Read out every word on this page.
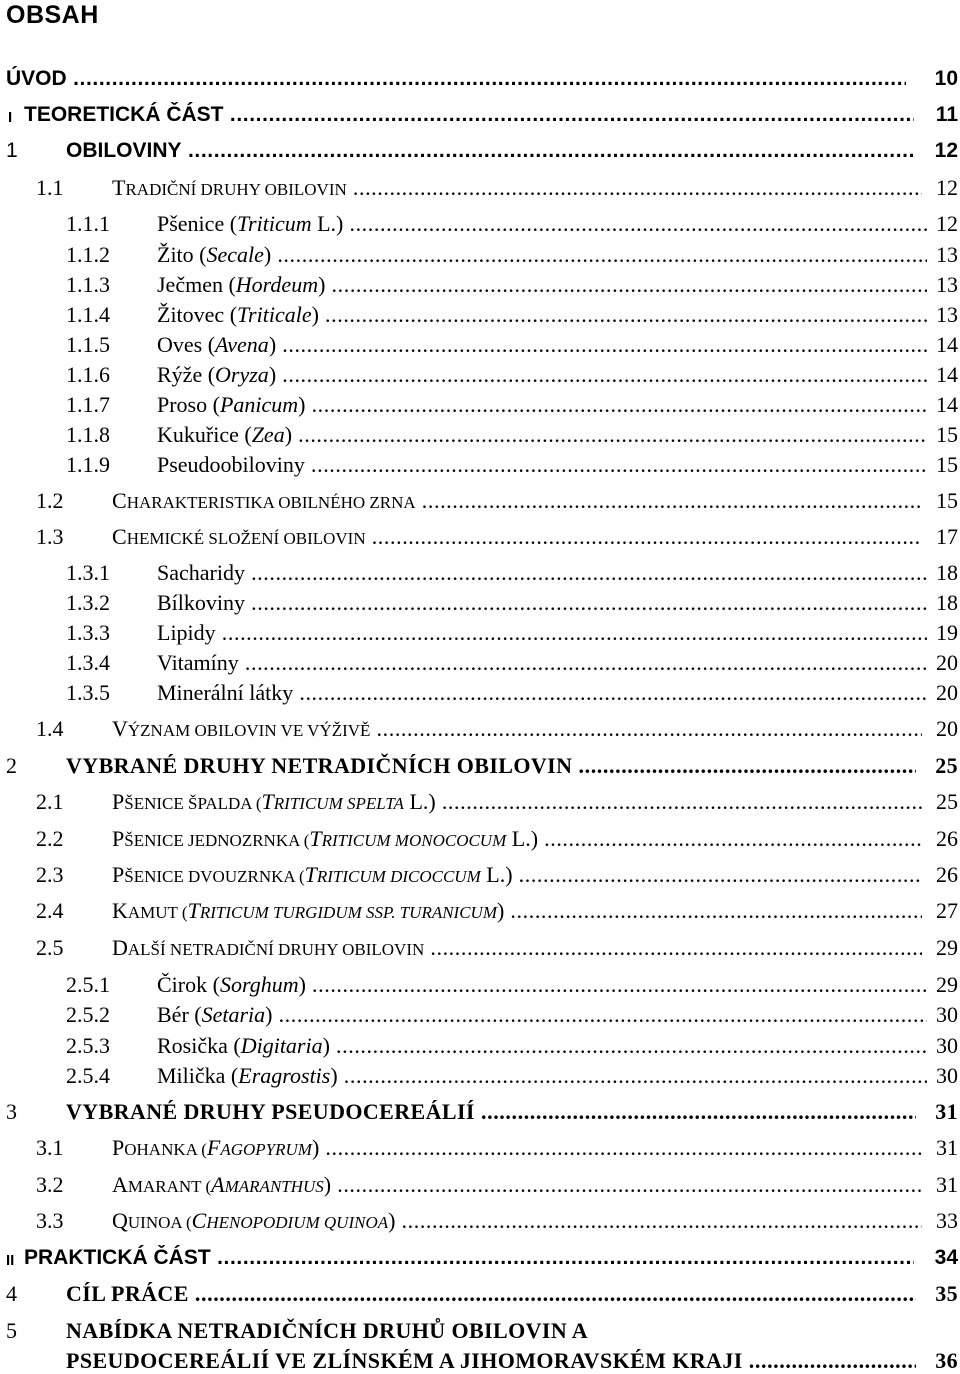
OBSAH
ÚVOD .....	10
I TEORETICKÁ ČÁST .....	11
1 OBILOVINY .....	12
1.1 TRADIČNÍ DRUHY OBILOVIN .....	12
1.1.1 Pšenice (Triticum L.) .....	12
1.1.2 Žito (Secale) .....	13
1.1.3 Ječmen (Hordeum) .....	13
1.1.4 Žitovec (Triticale) .....	13
1.1.5 Oves (Avena) .....	14
1.1.6 Rýže (Oryza) .....	14
1.1.7 Proso (Panicum) .....	14
1.1.8 Kukuřice (Zea) .....	15
1.1.9 Pseudoobiloviny .....	15
1.2 CHARAKTERISTIKA OBILNÉHO ZRNA .....	15
1.3 CHEMICKÉ SLOŽENÍ OBILOVIN .....	17
1.3.1 Sacharidy .....	18
1.3.2 Bílkoviny .....	18
1.3.3 Lipidy .....	19
1.3.4 Vitamíny .....	20
1.3.5 Minerální látky .....	20
1.4 VÝZNAM OBILOVIN VE VÝŽIVĚ .....	20
2 VYBRANÉ DRUHY NETRADIČNÍCH OBILOVIN .....	25
2.1 PŠENICE ŠPALDA (TRITICUM SPELTA L.) .....	25
2.2 PŠENICE JEDNOZRNKA (TRITICUM MONOCOCUM L.) .....	26
2.3 PŠENICE DVOUZRNKA (TRITICUM DICOCCUM L.) .....	26
2.4 KAMUT (TRITICUM TURGIDUM SSP. TURANICUM) .....	27
2.5 DALŠÍ NETRADIČNÍ DRUHY OBILOVIN .....	29
2.5.1 Čirok (Sorghum) .....	29
2.5.2 Bér (Setaria) .....	30
2.5.3 Rosička (Digitaria) .....	30
2.5.4 Milička (Eragrostis) .....	30
3 VYBRANÉ DRUHY PSEUDOCEREÁLIÍ .....	31
3.1 POHANKA (FAGOPYRUM) .....	31
3.2 AMARANT (AMARANTHUS) .....	31
3.3 QUINOA (CHENOPODIUM QUINOA) .....	33
II PRAKTICKÁ ČÁST .....	34
4 CÍL PRÁCE .....	35
5 NABÍDKA NETRADIČNÍCH DRUHŮ OBILOVIN A
PSEUDOCEREÁLIÍ VE ZLÍNSKÉM A JIHOMORAVSKÉM KRAJI .....	36
